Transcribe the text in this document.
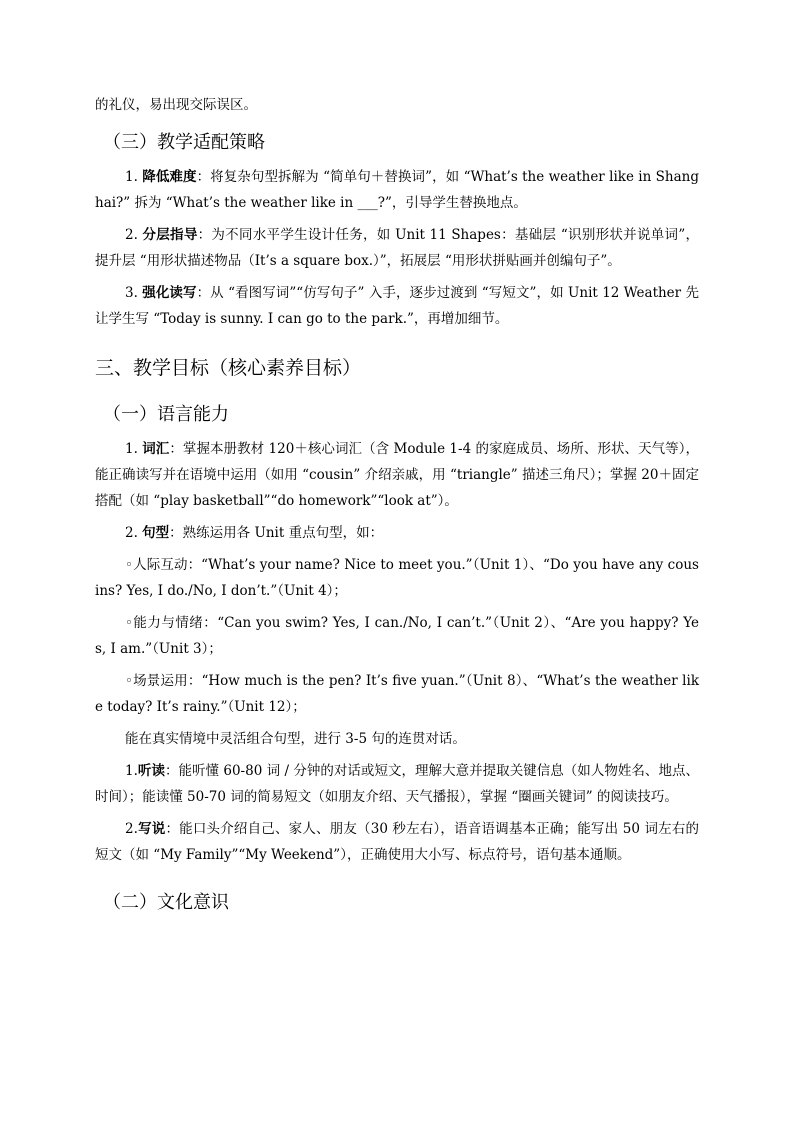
的礼仪，易出现交际误区。

（三）教学适配策略

1. 降低难度：将复杂句型拆解为 “简单句＋替换词”，如 “What’s the weather like in Shanghai?” 拆为 “What’s the weather like in ___?”，引导学生替换地点。

2. 分层指导：为不同水平学生设计任务，如 Unit 11 Shapes：基础层 “识别形状并说单词”，提升层 “用形状描述物品（It’s a square box.）”，拓展层 “用形状拼贴画并创编句子”。

3. 强化读写：从 “看图写词”“仿写句子” 入手，逐步过渡到 “写短文”，如 Unit 12 Weather 先让学生写 “Today is sunny. I can go to the park.”，再增加细节。

三、教学目标（核心素养目标）
（一）语言能力

1. 词汇：掌握本册教材 120＋核心词汇（含 Module 1-4 的家庭成员、场所、形状、天气等），能正确读写并在语境中运用（如用 “cousin” 介绍亲戚，用 “triangle” 描述三角尺）；掌握 20＋固定搭配（如 “play basketball”“do homework”“look at”）。

2. 句型：熟练运用各 Unit 重点句型，如：

◦人际互动：“What’s your name? Nice to meet you.”（Unit 1）、“Do you have any cousins? Yes, I do./No, I don’t.”（Unit 4）；

◦能力与情绪：“Can you swim? Yes, I can./No, I can’t.”（Unit 2）、“Are you happy? Yes, I am.”（Unit 3）；

◦场景运用：“How much is the pen? It’s five yuan.”（Unit 8）、“What’s the weather like today? It’s rainy.”（Unit 12）；

能在真实情境中灵活组合句型，进行 3-5 句的连贯对话。

1.听读：能听懂 60-80 词 / 分钟的对话或短文，理解大意并提取关键信息（如人物姓名、地点、时间）；能读懂 50-70 词的简易短文（如朋友介绍、天气播报），掌握 “圈画关键词” 的阅读技巧。

2.写说：能口头介绍自己、家人、朋友（30 秒左右），语音语调基本正确；能写出 50 词左右的短文（如 “My Family”“My Weekend”），正确使用大小写、标点符号，语句基本通顺。

（二）文化意识
